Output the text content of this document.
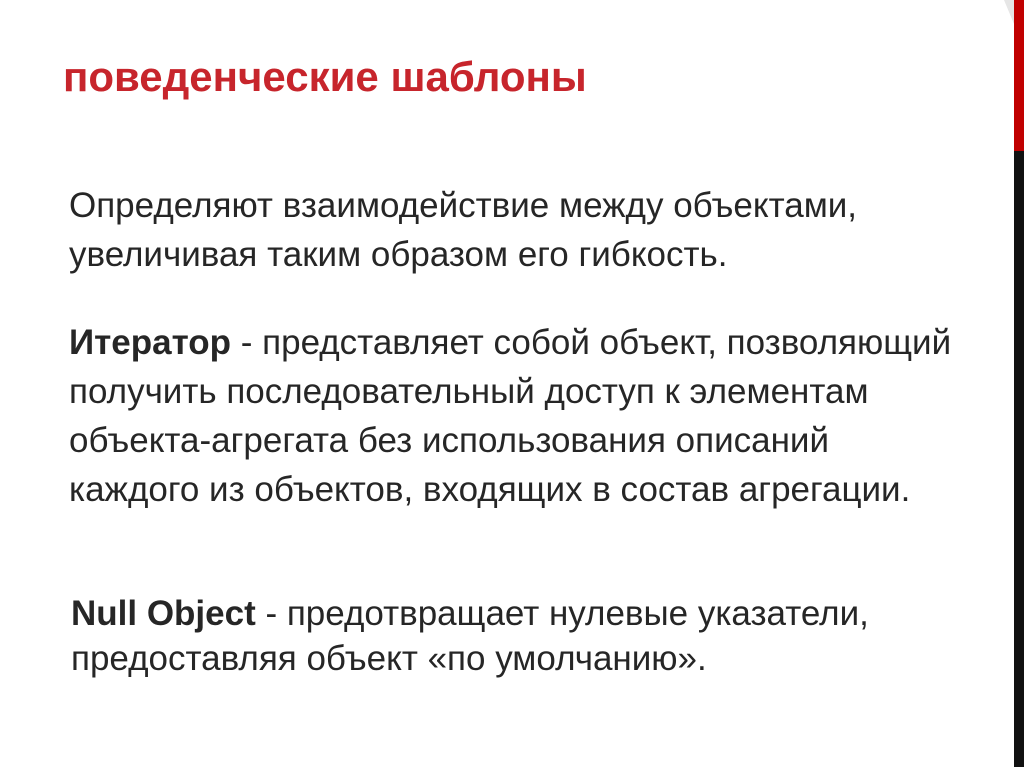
поведенческие шаблоны

Определяют взаимодействие между объектами, увеличивая таким образом его гибкость.

Итератор - представляет собой объект, позволяющий получить последовательный доступ к элементам объекта-агрегата без использования описаний каждого из объектов, входящих в состав агрегации.

Null Object - предотвращает нулевые указатели, предоставляя объект «по умолчанию».
